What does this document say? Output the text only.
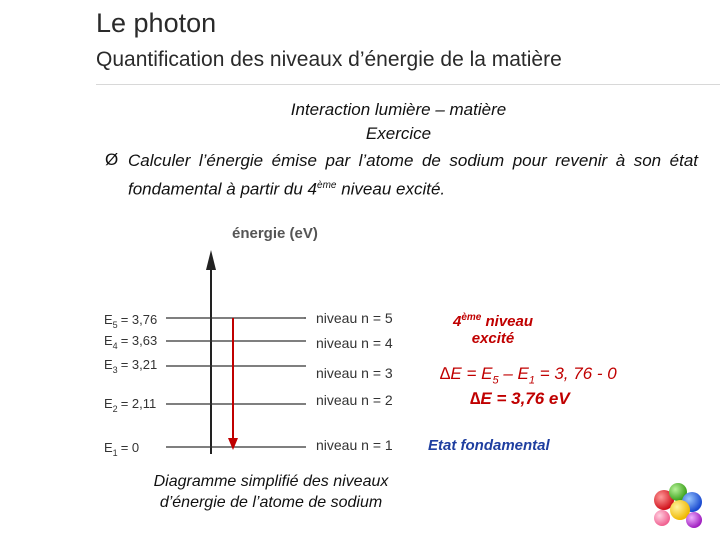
Le photon
Quantification des niveaux d’énergie de la matière
Interaction lumière – matière
Exercice
Ø Calculer l’énergie émise par l’atome de sodium pour revenir à son état fondamental à partir du 4ème niveau excité.
énergie (eV)
$E_5 = 3,76$	niveau n = 5
$E_4 = 3,63$	niveau n = 4
$E_3 = 3,21$
niveau n = 3
$E_2 = 2,11$	niveau n = 2
$E_1 = 0$	niveau n = 1
4ème niveau
excité
$\Delta E = E_5 - E_1 = 3$, 76 - 0
∆E = 3,76 eV
Etat fondamental
Diagramme simplifié des niveaux
d’énergie de l’atome de sodium
